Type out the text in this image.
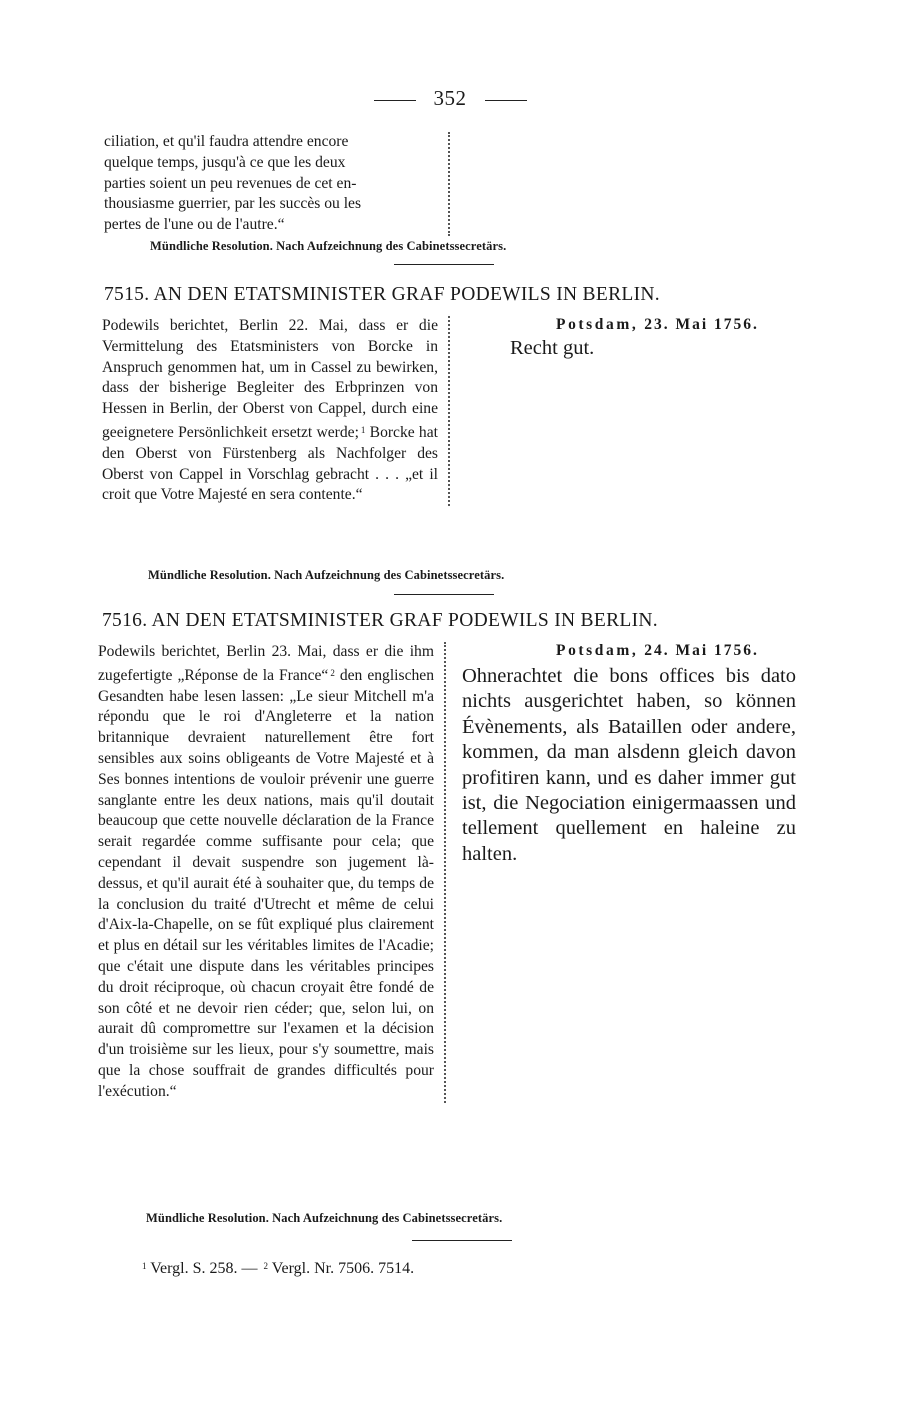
352
ciliation, et qu'il faudra attendre encore
quelque temps, jusqu'à ce que les deux
parties soient un peu revenues de cet en-
thousiasme guerrier, par les succès ou les
pertes de l'une ou de l'autre.“
Mündliche Resolution. Nach Aufzeichnung des Cabinetssecretärs.
7515. AN DEN ETATSMINISTER GRAF PODEWILS IN BERLIN.

Podewils berichtet, Berlin 22. Mai, dass er die Vermittelung des Etatsministers von Borcke in Anspruch genommen hat, um in Cassel zu bewirken, dass der bisherige Begleiter des Erbprinzen von Hessen in Berlin, der Oberst von Cappel, durch eine geeignetere Persönlichkeit ersetzt werde; $^1$ Borcke hat den Oberst von Fürstenberg als Nachfolger des Oberst von Cappel in Vorschlag gebracht . . . „et il croit que Votre Majesté en sera contente.“

Potsdam, 23. Mai 1756.
Recht gut.
Mündliche Resolution. Nach Aufzeichnung des Cabinetssecretärs.
7516. AN DEN ETATSMINISTER GRAF PODEWILS IN BERLIN.

Podewils berichtet, Berlin 23. Mai, dass er die ihm zugefertigte „Réponse de la France“ $^2$ den englischen Gesandten habe lesen lassen: „Le sieur Mitchell m'a répondu que le roi d'Angleterre et la nation britannique devraient naturellement être fort sensibles aux soins obligeants de Votre Majesté et à Ses bonnes intentions de vouloir prévenir une guerre sanglante entre les deux nations, mais qu'il doutait beaucoup que cette nouvelle déclaration de la France serait regardée comme suffisante pour cela; que cependant il devait suspendre son jugement là-dessus, et qu'il aurait été à souhaiter que, du temps de la conclusion du traité d'Utrecht et même de celui d'Aix-la-Chapelle, on se fût expliqué plus clairement et plus en détail sur les véritables limites de l'Acadie; que c'était une dispute dans les véritables principes du droit réciproque, où chacun croyait être fondé de son côté et ne devoir rien céder; que, selon lui, on aurait dû compromettre sur l'examen et la décision d'un troisième sur les lieux, pour s'y soumettre, mais que la chose souffrait de grandes difficultés pour l'exécution.“

Potsdam, 24. Mai 1756.
Ohnerachtet die bons offices bis dato nichts ausgerichtet haben, so können Évènements, als Bataillen oder andere, kommen, da man alsdenn gleich davon profitiren kann, und es daher immer gut ist, die Negociation einigermaassen und tellement quellement en haleine zu halten.
Mündliche Resolution. Nach Aufzeichnung des Cabinetssecretärs.
$^1$ Vergl. S. 258. — $^2$ Vergl. Nr. 7506. 7514.
